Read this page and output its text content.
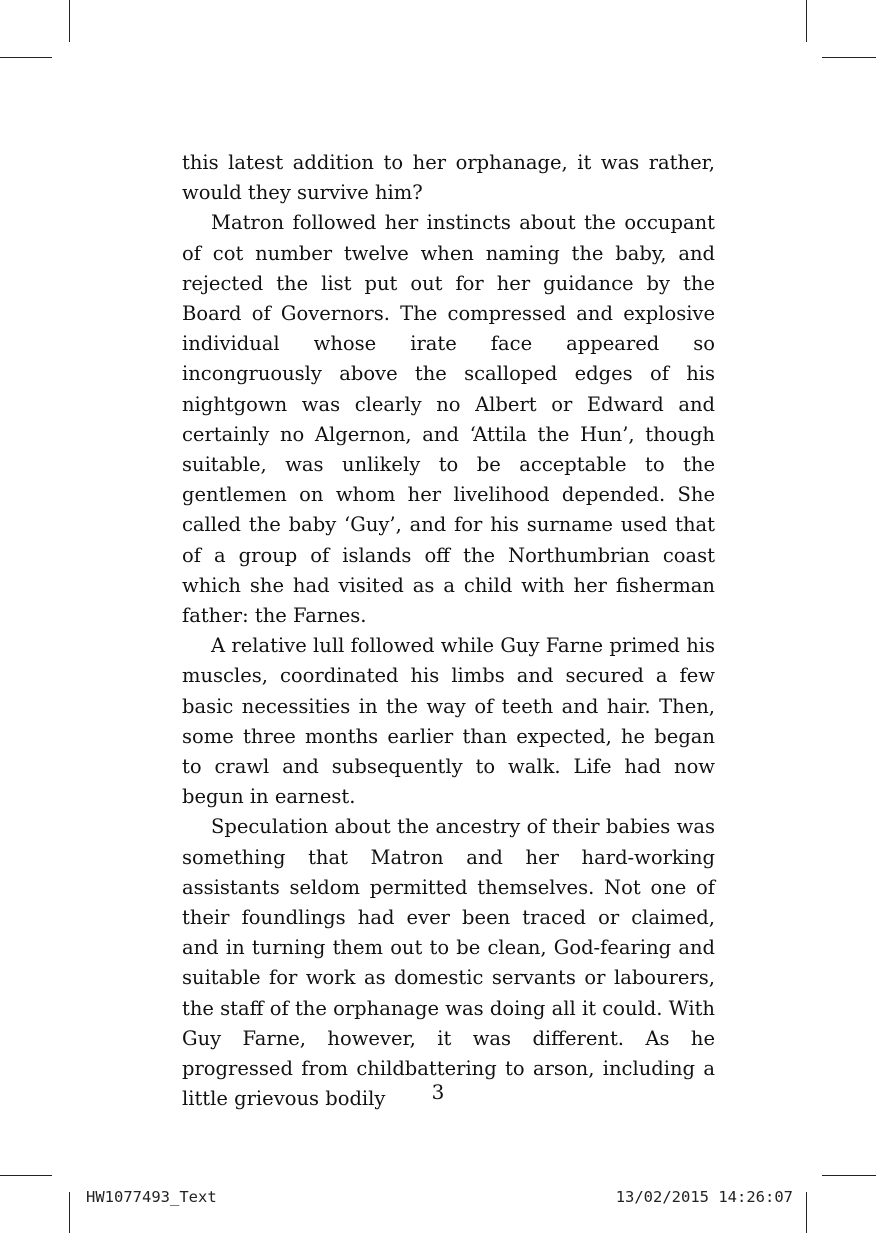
this latest addition to her orphanage, it was rather, would they survive him?

Matron followed her instincts about the occupant of cot number twelve when naming the baby, and rejected the list put out for her guidance by the Board of Governors. The compressed and explosive individual whose irate face appeared so incongruously above the scalloped edges of his nightgown was clearly no Albert or Edward and certainly no Algernon, and ‘Attila the Hun’, though suitable, was unlikely to be acceptable to the gentlemen on whom her livelihood depended. She called the baby ‘Guy’, and for his surname used that of a group of islands off the Northumbrian coast which she had visited as a child with her fisherman father: the Farnes.

A relative lull followed while Guy Farne primed his muscles, coordinated his limbs and secured a few basic necessities in the way of teeth and hair. Then, some three months earlier than expected, he began to crawl and subsequently to walk. Life had now begun in earnest.

Speculation about the ancestry of their babies was something that Matron and her hard-working assistants seldom permitted themselves. Not one of their foundlings had ever been traced or claimed, and in turning them out to be clean, God-fearing and suitable for work as domestic servants or labourers, the staff of the orphanage was doing all it could. With Guy Farne, however, it was different. As he progressed from childbattering to arson, including a little grievous bodily	3
HW1077493_Text	13/02/2015 14:26:07
